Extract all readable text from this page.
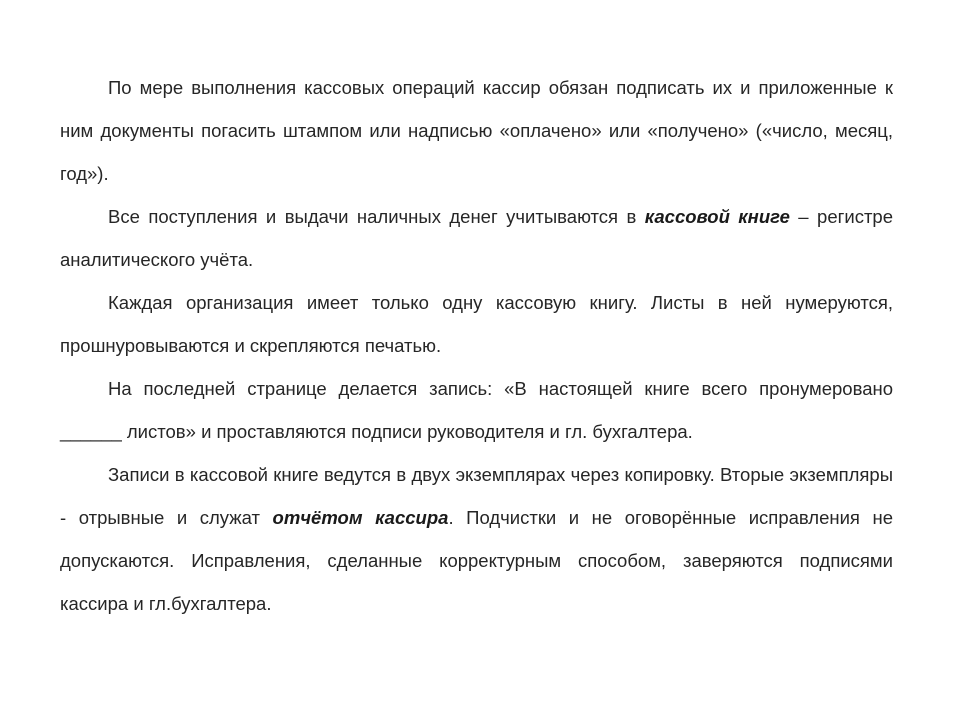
По мере выполнения кассовых операций кассир обязан подписать их и приложенные к ним документы погасить штампом или надписью «оплачено» или «получено» («число, месяц, год»).

Все поступления и выдачи наличных денег учитываются в кассовой книге – регистре аналитического учёта.

Каждая организация имеет только одну кассовую книгу. Листы в ней нумеруются, прошнуровываются и скрепляются печатью.

На последней странице делается запись: «В настоящей книге всего пронумеровано ______ листов» и проставляются подписи руководителя и гл. бухгалтера.

Записи в кассовой книге ведутся в двух экземплярах через копировку. Вторые экземпляры  - отрывные и служат отчётом кассира. Подчистки и не оговорённые исправления не допускаются. Исправления, сделанные корректурным способом, заверяются подписями кассира и гл.бухгалтера.
